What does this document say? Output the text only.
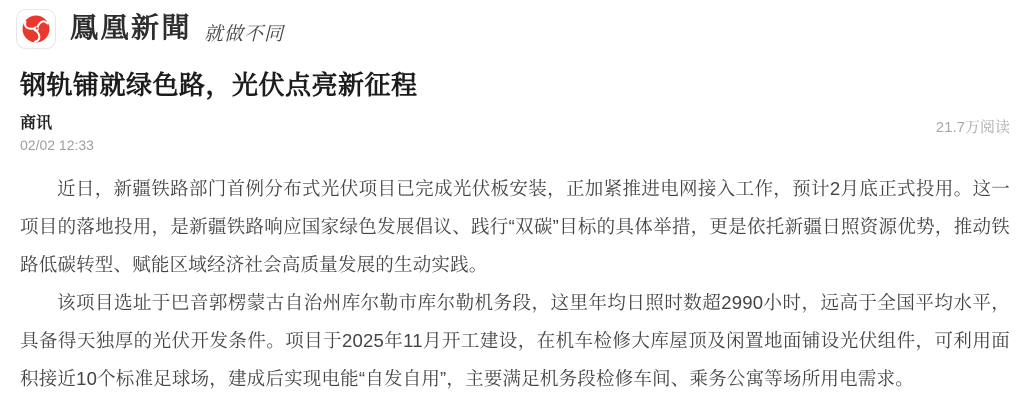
鳳凰新聞 就做不同
钢轨铺就绿色路，光伏点亮新征程
商讯
02/02 12:33
21.7万阅读

近日，新疆铁路部门首例分布式光伏项目已完成光伏板安装，正加紧推进电网接入工作，预计2月底正式投用。这一项目的落地投用，是新疆铁路响应国家绿色发展倡议、践行“双碳”目标的具体举措，更是依托新疆日照资源优势，推动铁路低碳转型、赋能区域经济社会高质量发展的生动实践。

该项目选址于巴音郭楞蒙古自治州库尔勒市库尔勒机务段，这里年均日照时数超2990小时，远高于全国平均水平，具备得天独厚的光伏开发条件。项目于2025年11月开工建设，在机车检修大库屋顶及闲置地面铺设光伏组件，可利用面积接近10个标准足球场，建成后实现电能“自发自用”，主要满足机务段检修车间、乘务公寓等场所用电需求。
